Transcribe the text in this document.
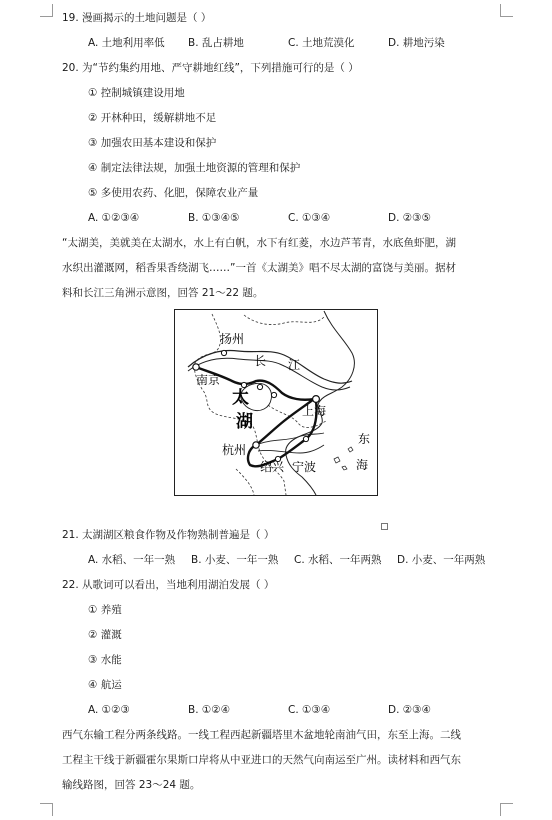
19. 漫画揭示的土地问题是（ ）
A. 土地利用率低	B. 乱占耕地	C. 土地荒漠化	D. 耕地污染
20. 为“节约集约用地、严守耕地红线”，下列措施可行的是（ ）
① 控制城镇建设用地
② 开林种田，缓解耕地不足
③ 加强农田基本建设和保护
④ 制定法律法规，加强土地资源的管理和保护
⑤ 多使用农药、化肥，保障农业产量
A. ①②③④	B. ①③④⑤	C. ①③④	D. ②③⑤
“太湖美，美就美在太湖水，水上有白帆，水下有红菱，水边芦苇青，水底鱼虾肥，湖
水织出灌溉网，稻香果香绕湖飞……”一首《太湖美》唱不尽太湖的富饶与美丽。据材
料和长江三角洲示意图，回答 21～22 题。
扬州
长 江
南京
太
湖
上海
杭州
绍兴 宁波
东
海
21. 太湖湖区粮食作物及作物熟制普遍是（ ）
A. 水稻、一年一熟	B. 小麦、一年一熟	C. 水稻、一年两熟	D. 小麦、一年两熟
22. 从歌词可以看出，当地利用湖泊发展（ ）
① 养殖
② 灌溉
③ 水能
④ 航运
A. ①②③	B. ①②④	C. ①③④	D. ②③④
西气东输工程分两条线路。一线工程西起新疆塔里木盆地轮南油气田，东至上海。二线
工程主干线于新疆霍尔果斯口岸将从中亚进口的天然气向南运至广州。读材料和西气东
输线路图，回答 23～24 题。
